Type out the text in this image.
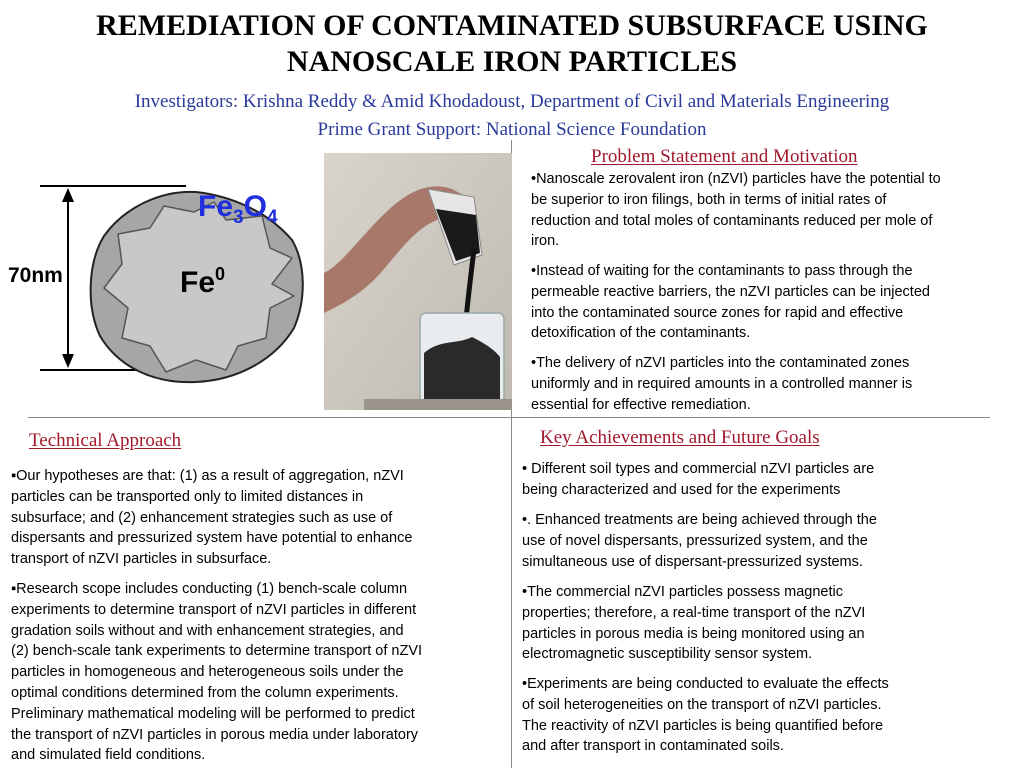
REMEDIATION OF CONTAMINATED SUBSURFACE USING
NANOSCALE IRON PARTICLES
Investigators: Krishna Reddy & Amid Khodadoust, Department of Civil and Materials Engineering
Prime Grant Support: National Science Foundation
$Fe_3O_4$
Fe$^0$
70nm
Problem Statement and Motivation

•Nanoscale zerovalent iron (nZVI) particles have the potential to
be superior to iron filings, both in terms of initial rates of
reduction and total moles of contaminants reduced per mole of
iron.

•Instead of waiting for the contaminants to pass through the
permeable reactive barriers, the nZVI particles can be injected
into the contaminated source zones for rapid and effective
detoxification of the contaminants.

•The delivery of nZVI particles into the contaminated zones
uniformly and in required amounts in a controlled manner is
essential for effective remediation.

Technical Approach

▪Our hypotheses are that: (1) as a result of aggregation, nZVI
particles can be transported only to limited distances in
subsurface; and (2) enhancement strategies such as use of
dispersants and pressurized system have potential to enhance
transport of nZVI particles in subsurface.

▪Research scope includes conducting (1) bench-scale column
experiments to determine transport of nZVI particles in different
gradation soils without and with enhancement strategies, and
(2) bench-scale tank experiments to determine transport of nZVI
particles in homogeneous and heterogeneous soils under the
optimal conditions determined from the column experiments.
Preliminary mathematical modeling will be performed to predict
the transport of nZVI particles in porous media under laboratory
and simulated field conditions.

Key Achievements and Future Goals

• Different soil types and commercial nZVI particles are
being characterized and used for the experiments

•. Enhanced treatments are being achieved through the
use of novel dispersants, pressurized system, and the
simultaneous use of dispersant-pressurized systems.

•The commercial nZVI particles possess magnetic
properties; therefore, a real-time transport of the nZVI
particles in porous media is being monitored using an
electromagnetic susceptibility sensor system.

•Experiments are being conducted to evaluate the effects
of soil heterogeneities on the transport of nZVI particles.
The reactivity of nZVI particles is being quantified before
and after transport in contaminated soils.
